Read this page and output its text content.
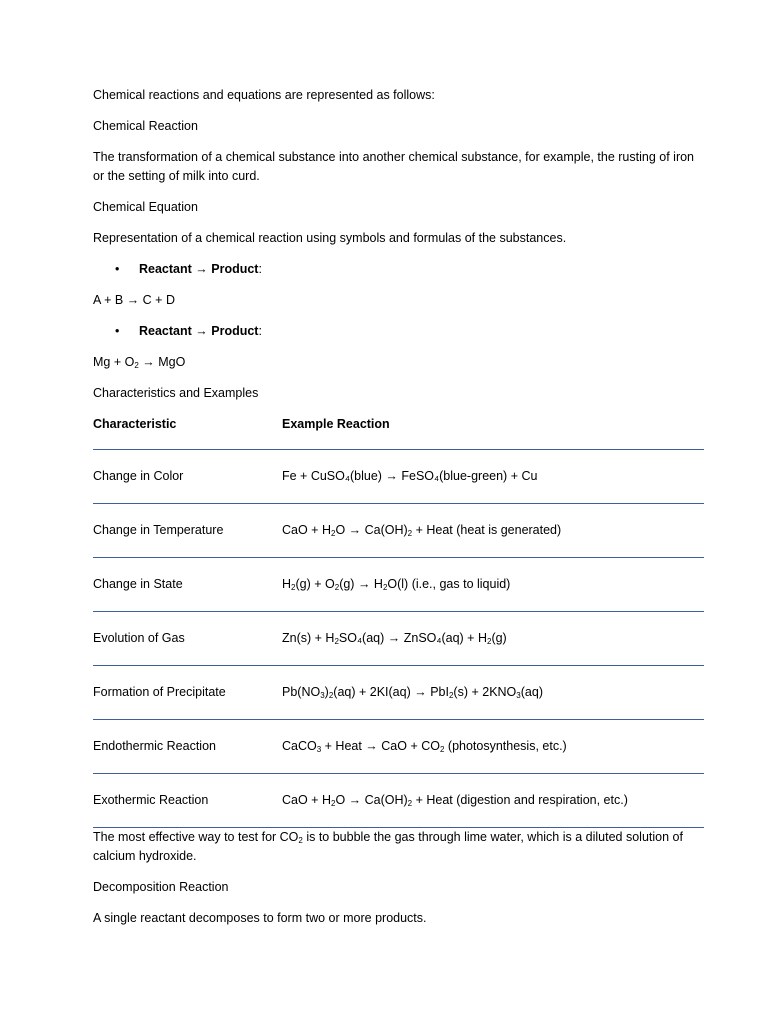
Chemical reactions and equations are represented as follows:

Chemical Reaction

The transformation of a chemical substance into another chemical substance, for example, the rusting of iron or the setting of milk into curd.

Chemical Equation

Representation of a chemical reaction using symbols and formulas of the substances.

• Reactant → Product:

A + B → C + D

• Reactant → Product:

$Mg + O_2$ → MgO

Characteristics and Examples

Characteristic	Example Reaction
Change in Color	Fe + CuSO₄(blue) → FeSO₄(blue-green) + Cu
Change in Temperature	CaO + $H_2O \to Ca(OH)_2$ + Heat (heat is generated)
Change in State	$H_2(g) + O_2(g) \to H_2O(l)$ (i.e., gas to liquid)
Evolution of Gas	$Zn(s) + H_2SO_4(aq)$ → ZnSO₄(aq) + $H_2(g)$
Formation of Precipitate	$Pb(NO_3)_2(aq) + 2KI(aq) \to PbI_2(s) + 2KNO_3(aq)$
Endothermic Reaction	CaCO$_3$ + Heat → CaO + $CO_2$ (photosynthesis, etc.)
Exothermic Reaction	CaO + $H_2O \to Ca(OH)_2$ + Heat (digestion and respiration, etc.)

The most effective way to test for $CO_2$ is to bubble the gas through lime water, which is a diluted solution of calcium hydroxide.

Decomposition Reaction

A single reactant decomposes to form two or more products.
